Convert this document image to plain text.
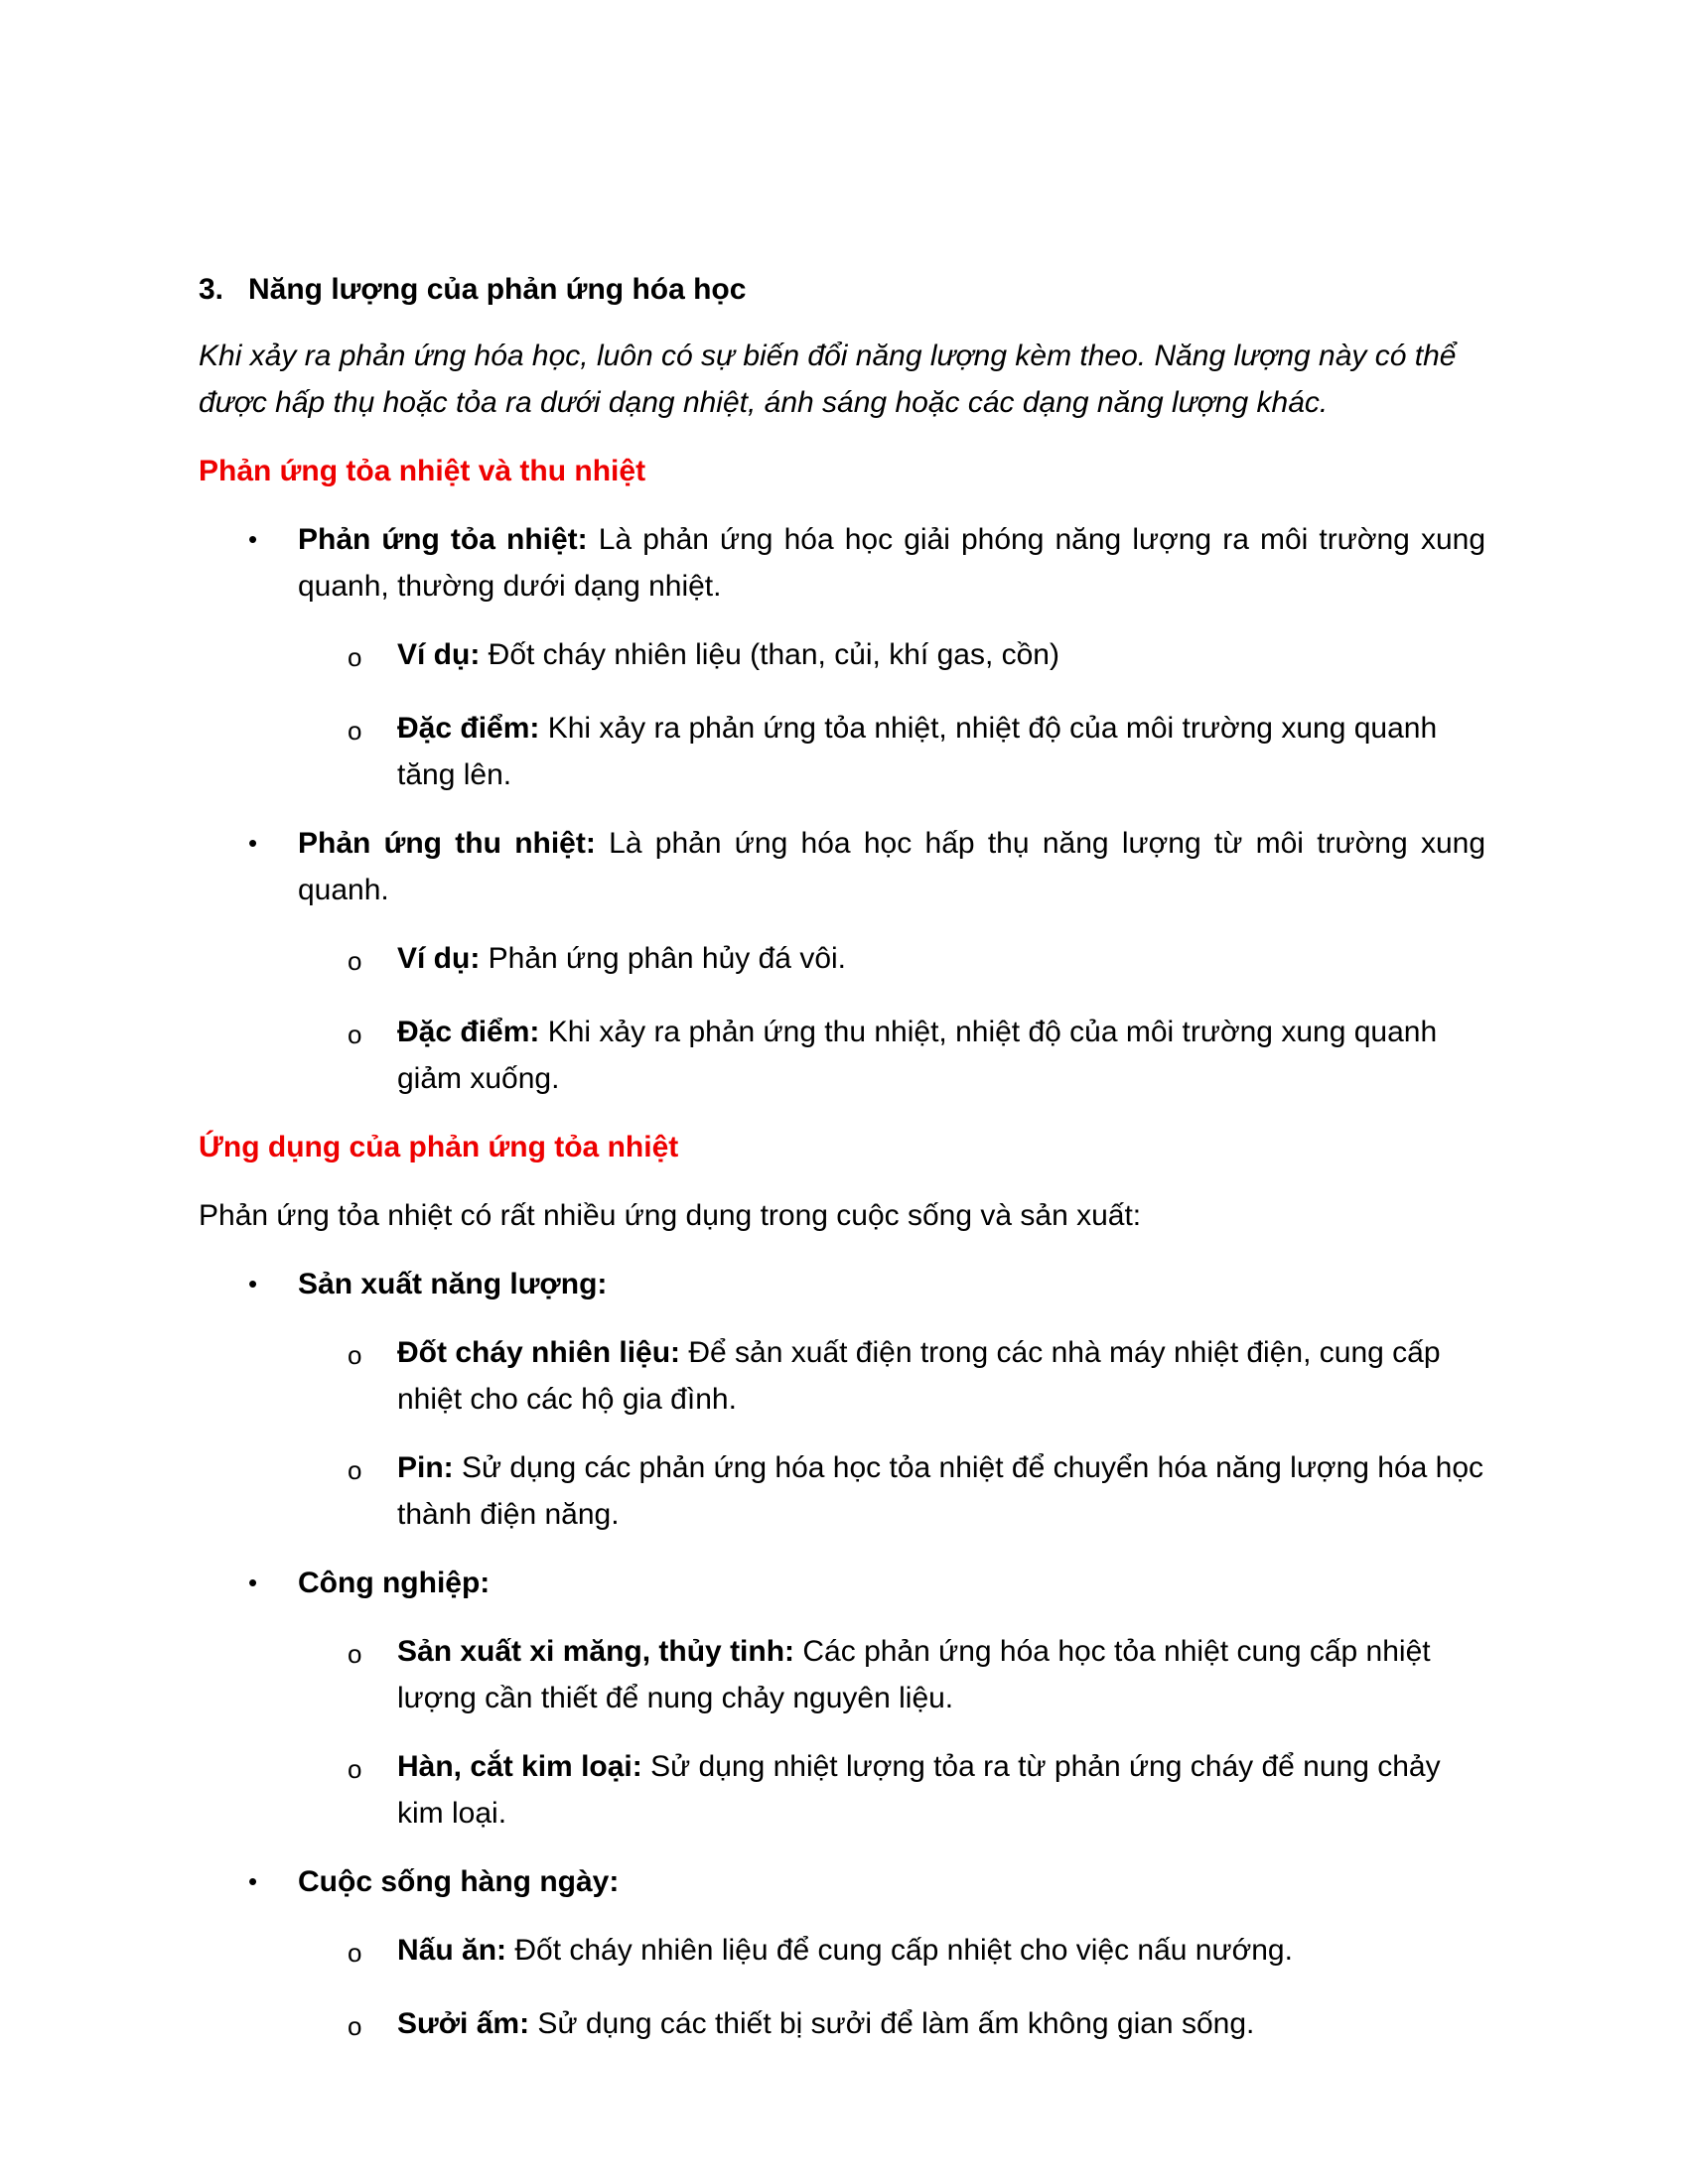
3. Năng lượng của phản ứng hóa học
Khi xảy ra phản ứng hóa học, luôn có sự biến đổi năng lượng kèm theo. Năng lượng này có thể được hấp thụ hoặc tỏa ra dưới dạng nhiệt, ánh sáng hoặc các dạng năng lượng khác.
Phản ứng tỏa nhiệt và thu nhiệt
•	Phản ứng tỏa nhiệt: Là phản ứng hóa học giải phóng năng lượng ra môi trường xung quanh, thường dưới dạng nhiệt.
o	Ví dụ: Đốt cháy nhiên liệu (than, củi, khí gas, cồn)
o	Đặc điểm: Khi xảy ra phản ứng tỏa nhiệt, nhiệt độ của môi trường xung quanh tăng lên.
•	Phản ứng thu nhiệt: Là phản ứng hóa học hấp thụ năng lượng từ môi trường xung quanh.
o	Ví dụ: Phản ứng phân hủy đá vôi.
o	Đặc điểm: Khi xảy ra phản ứng thu nhiệt, nhiệt độ của môi trường xung quanh giảm xuống.
Ứng dụng của phản ứng tỏa nhiệt
Phản ứng tỏa nhiệt có rất nhiều ứng dụng trong cuộc sống và sản xuất:
•	Sản xuất năng lượng:
o	Đốt cháy nhiên liệu: Để sản xuất điện trong các nhà máy nhiệt điện, cung cấp nhiệt cho các hộ gia đình.
o	Pin: Sử dụng các phản ứng hóa học tỏa nhiệt để chuyển hóa năng lượng hóa học thành điện năng.
•	Công nghiệp:
o	Sản xuất xi măng, thủy tinh: Các phản ứng hóa học tỏa nhiệt cung cấp nhiệt lượng cần thiết để nung chảy nguyên liệu.
o	Hàn, cắt kim loại: Sử dụng nhiệt lượng tỏa ra từ phản ứng cháy để nung chảy kim loại.
•	Cuộc sống hàng ngày:
o	Nấu ăn: Đốt cháy nhiên liệu để cung cấp nhiệt cho việc nấu nướng.
o	Sưởi ấm: Sử dụng các thiết bị sưởi để làm ấm không gian sống.
